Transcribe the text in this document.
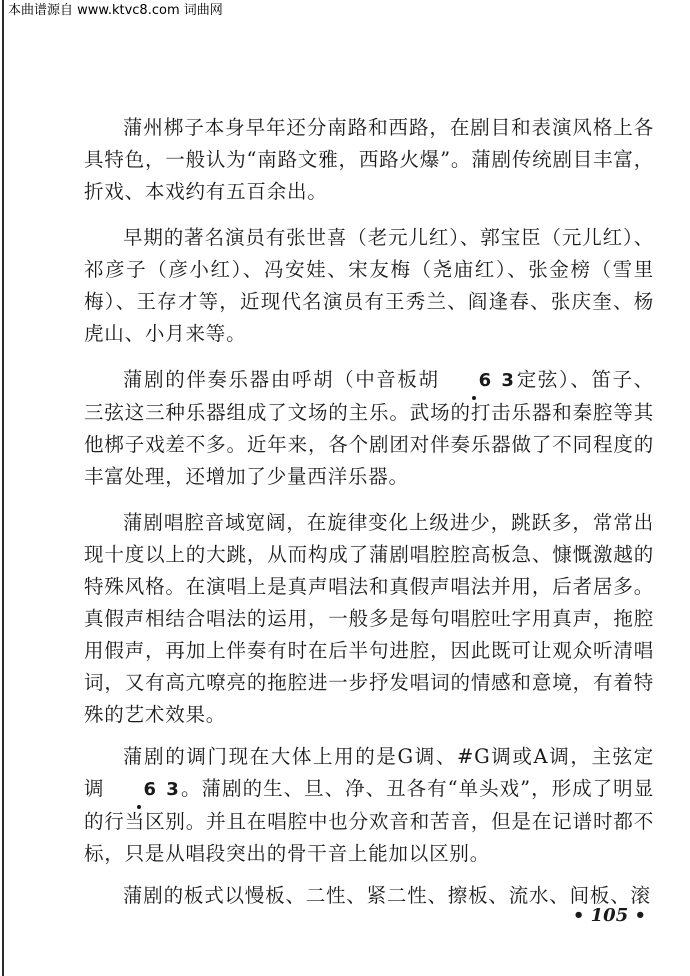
本曲谱源自 www.ktvc8.com 词曲网

蒲州梆子本身早年还分南路和西路，在剧目和表演风格上各具特色，一般认为“南路文雅，西路火爆”。蒲剧传统剧目丰富，折戏、本戏约有五百余出。

早期的著名演员有张世喜（老元儿红）、郭宝臣（元儿红）、祁彦子（彦小红）、冯安娃、宋友梅（尧庙红）、张金榜（雪里梅）、王存才等，近现代名演员有王秀兰、阎逢春、张庆奎、杨虎山、小月来等。

蒲剧的伴奏乐器由呼胡（中音板胡 6 3定弦）、笛子、三弦这三种乐器组成了文场的主乐。武场的打击乐器和秦腔等其他梆子戏差不多。近年来，各个剧团对伴奏乐器做了不同程度的丰富处理，还增加了少量西洋乐器。

蒲剧唱腔音域宽阔，在旋律变化上级进少，跳跃多，常常出现十度以上的大跳，从而构成了蒲剧唱腔腔高板急、慷慨激越的特殊风格。在演唱上是真声唱法和真假声唱法并用，后者居多。真假声相结合唱法的运用，一般多是每句唱腔吐字用真声，拖腔用假声，再加上伴奏有时在后半句进腔，因此既可让观众听清唱词，又有高亢嘹亮的拖腔进一步抒发唱词的情感和意境，有着特殊的艺术效果。

蒲剧的调门现在大体上用的是G调、#G调或A调，主弦定调 6 3。蒲剧的生、旦、净、丑各有“单头戏”，形成了明显的行当区别。并且在唱腔中也分欢音和苦音，但是在记谱时都不标，只是从唱段突出的骨干音上能加以区别。

蒲剧的板式以慢板、二性、紧二性、擦板、流水、间板、滚

• 105 •
